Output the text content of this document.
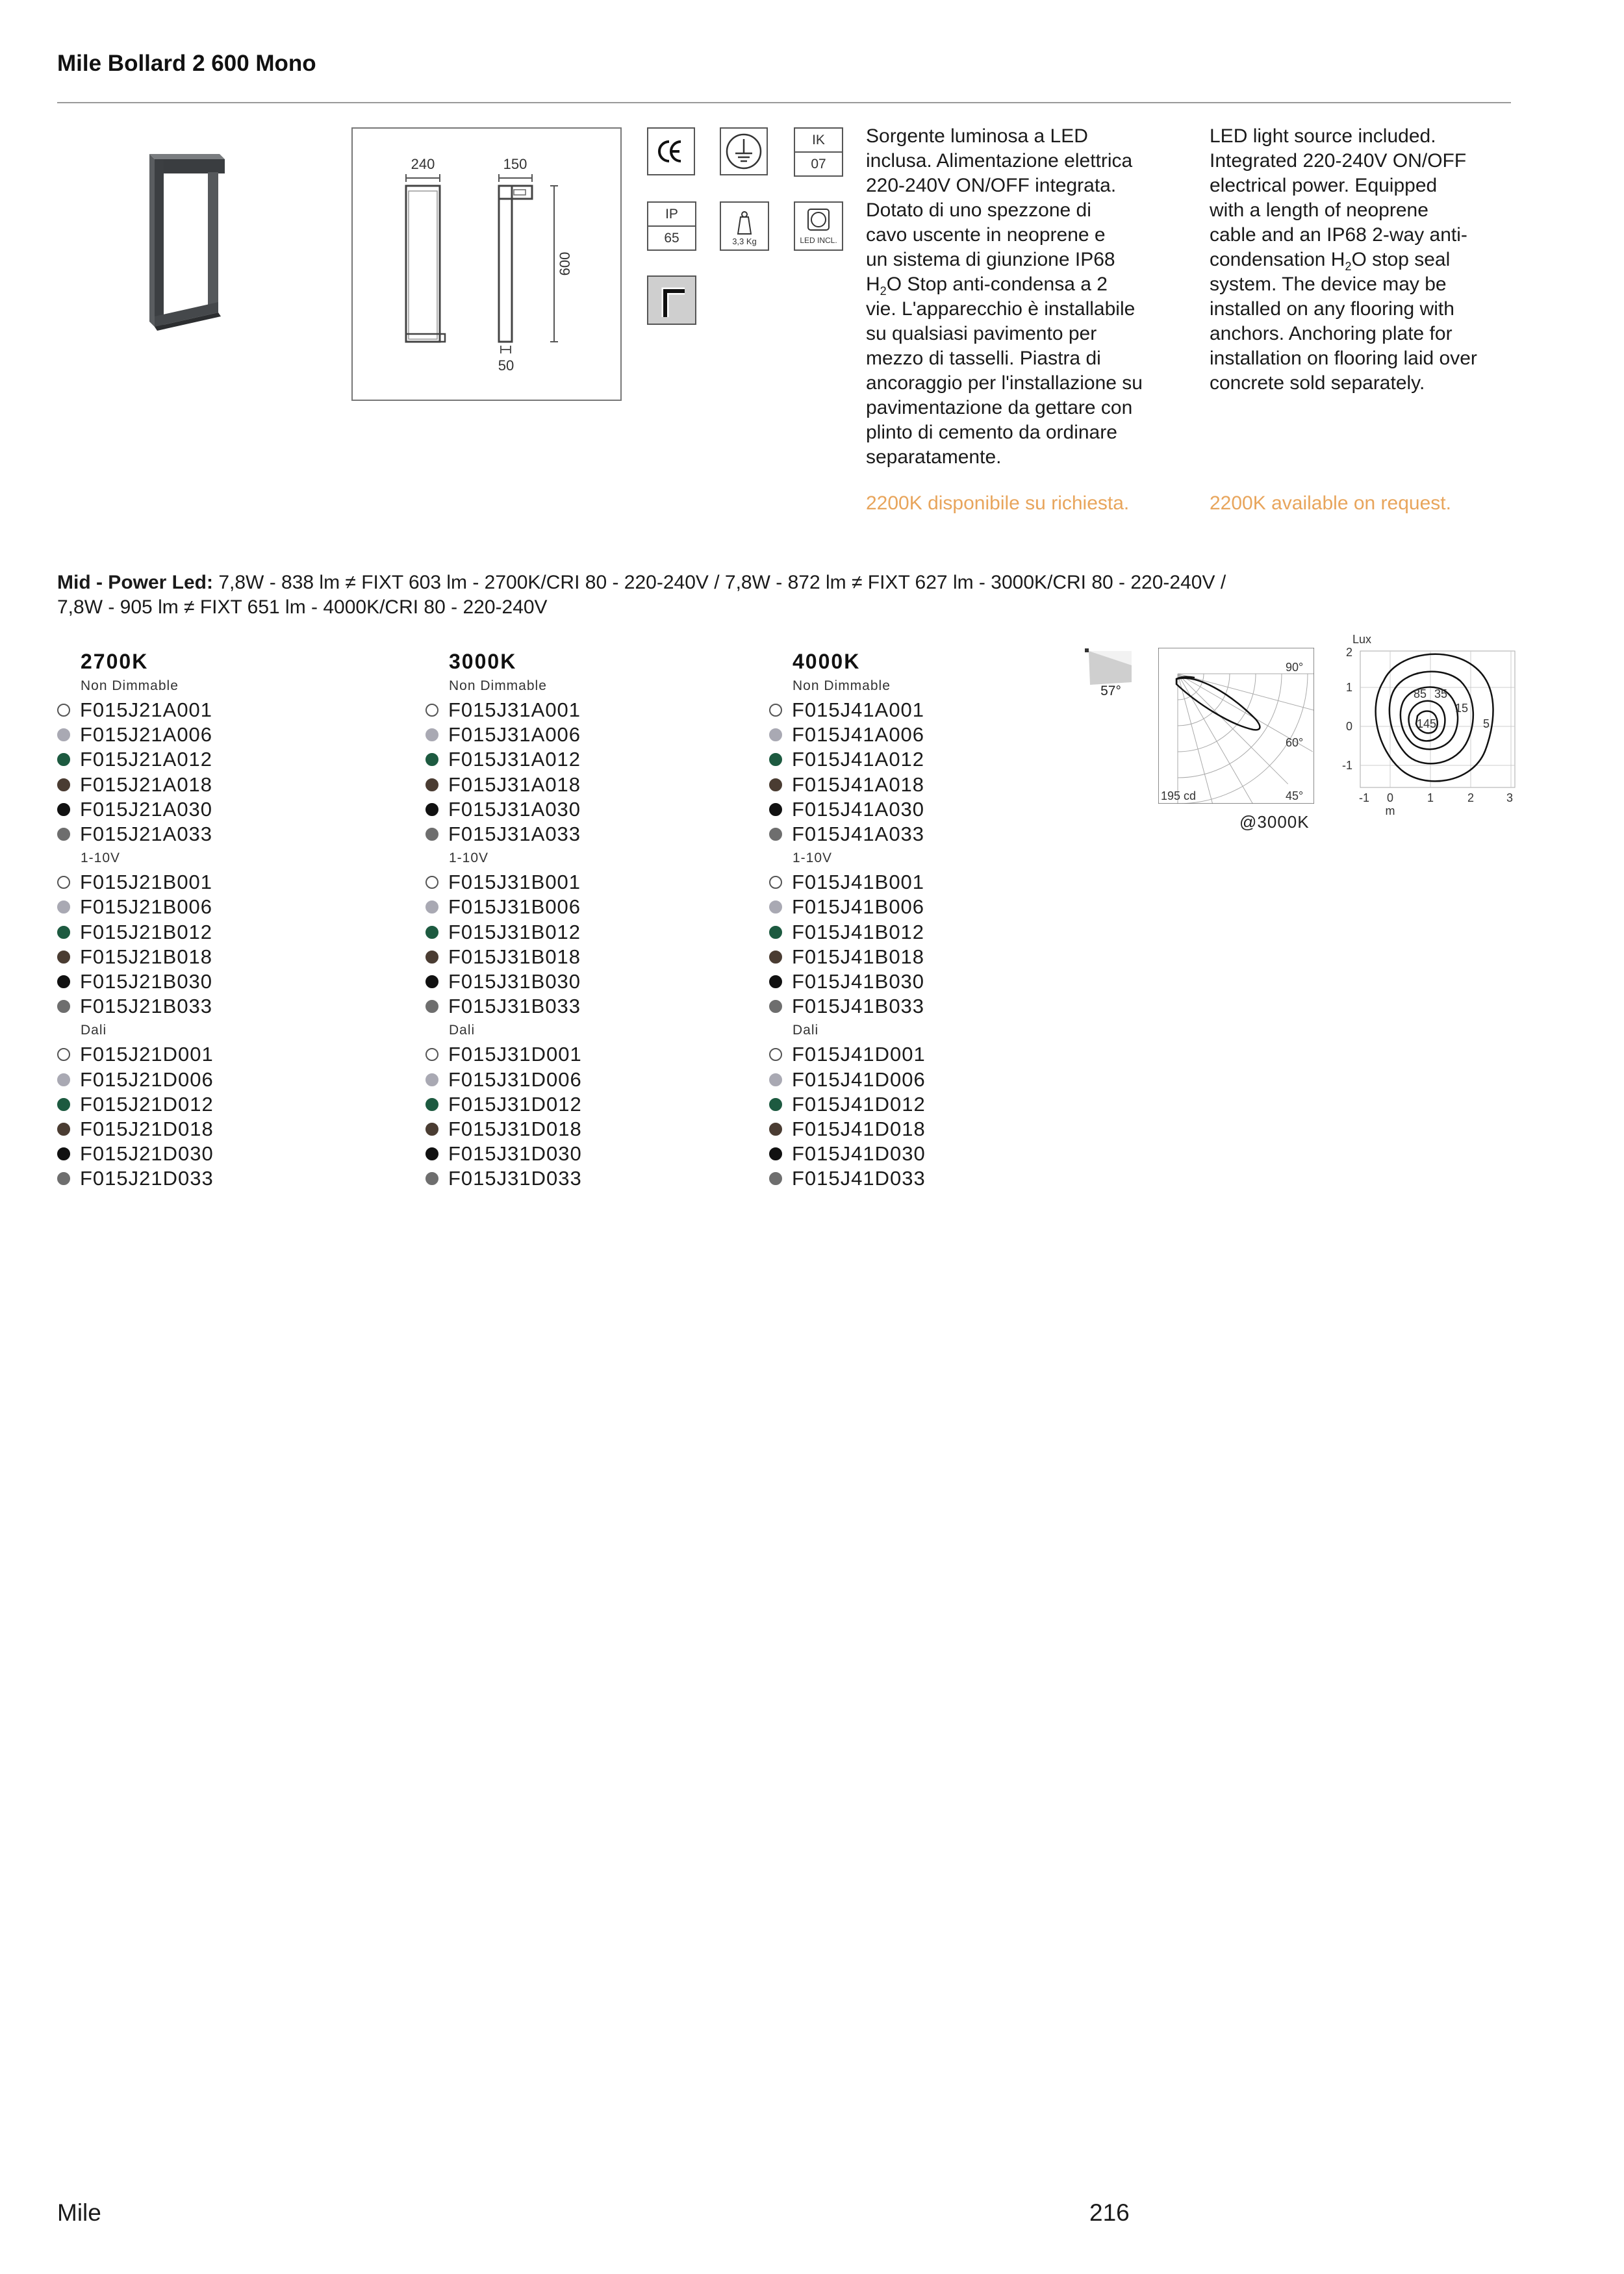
Mile Bollard 2 600 Mono
240	150
50
600
IK
07
IP
65	3,3 Kg	LED INCL.
Sorgente luminosa a LED
inclusa. Alimentazione elettrica
220-240V ON/OFF integrata.
Dotato di uno spezzone di
cavo uscente in neoprene e
un sistema di giunzione IP68
$H_2O$ Stop anti-condensa a 2
vie. L'apparecchio è installabile
su qualsiasi pavimento per
mezzo di tasselli. Piastra di
ancoraggio per l'installazione su
pavimentazione da gettare con
plinto di cemento da ordinare
separatamente.
2200K disponibile su richiesta.
LED light source included.
Integrated 220-240V ON/OFF
electrical power. Equipped
with a length of neoprene
cable and an IP68 2-way anti-
condensation $H_2O$ stop seal
system. The device may be
installed on any flooring with
anchors. Anchoring plate for
installation on flooring laid over
concrete sold separately.
2200K available on request.
Mid - Power Led: 7,8W - 838 lm ≠ FIXT 603 lm - 2700K/CRI 80 - 220-240V / 7,8W - 872 lm ≠ FIXT 627 lm - 3000K/CRI 80 - 220-240V /
7,8W - 905 lm ≠ FIXT 651 lm - 4000K/CRI 80 - 220-240V
2700K
Non Dimmable
F015J21A001
F015J21A006
F015J21A012
F015J21A018
F015J21A030
F015J21A033
1-10V
F015J21B001
F015J21B006
F015J21B012
F015J21B018
F015J21B030
F015J21B033
Dali
F015J21D001
F015J21D006
F015J21D012
F015J21D018
F015J21D030
F015J21D033
3000K
Non Dimmable
F015J31A001
F015J31A006
F015J31A012
F015J31A018
F015J31A030
F015J31A033
1-10V
F015J31B001
F015J31B006
F015J31B012
F015J31B018
F015J31B030
F015J31B033
Dali
F015J31D001
F015J31D006
F015J31D012
F015J31D018
F015J31D030
F015J31D033
4000K
Non Dimmable
F015J41A001
F015J41A006
F015J41A012
F015J41A018
F015J41A030
F015J41A033
1-10V
F015J41B001
F015J41B006
F015J41B012
F015J41B018
F015J41B030
F015J41B033
Dali
F015J41D001
F015J41D006
F015J41D012
F015J41D018
F015J41D030
F015J41D033
57°
90°
60°
45°
195 cd
@3000K
Lux
2
1
0
-1
-1 0	1	2	3
m
85 35
15
5
145
Mile	216
